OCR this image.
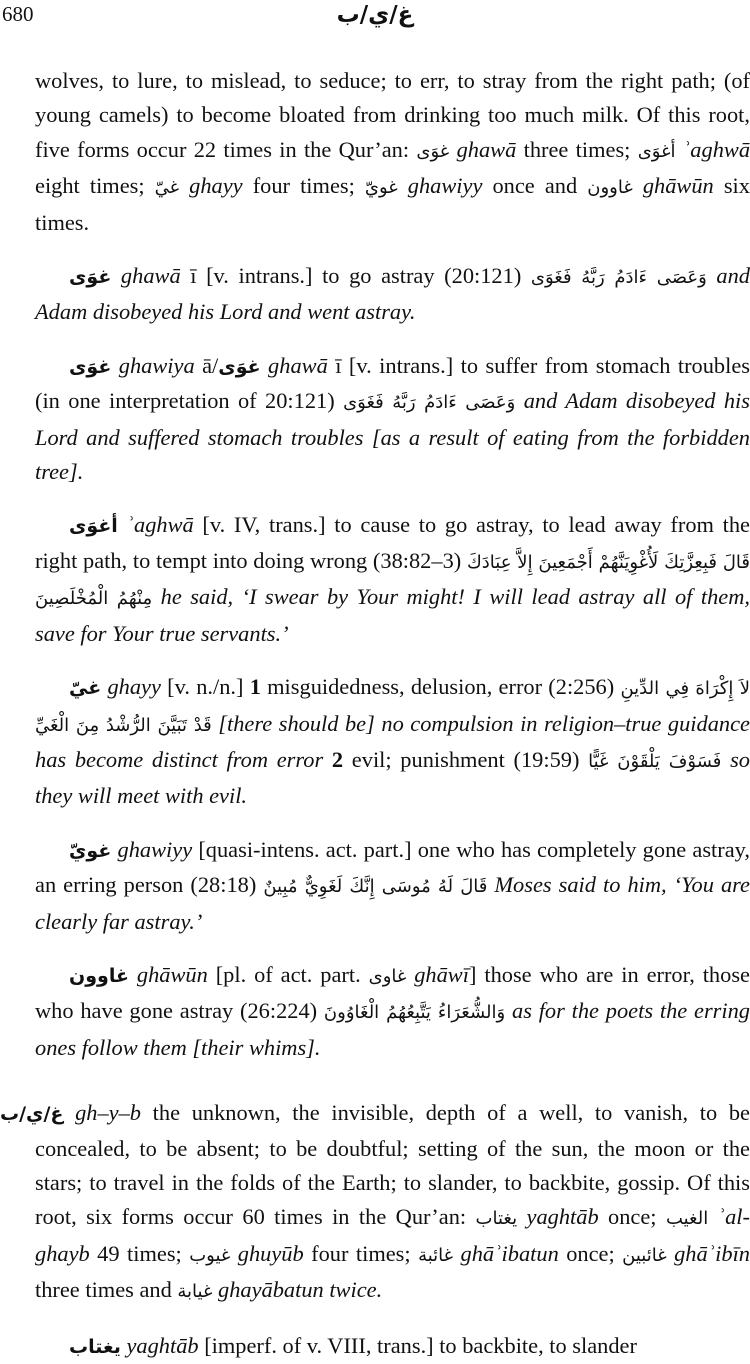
680	غ/ي/ب

wolves, to lure, to mislead, to seduce; to err, to stray from the right path; (of young camels) to become bloated from drinking too much milk. Of this root, five forms occur 22 times in the Qur’an: غوَى ghawā three times; أغوَى ʾaghwā eight times; غيّ ghayy four times; غويّ ghawiyy once and غاوون ghāwūn six times.

غوَى ghawā ī [v. intrans.] to go astray (20:121) وَعَصَى ءَادَمُ رَبَّهُ فَغَوَى and Adam disobeyed his Lord and went astray.

غوَى ghawiya ā/غوَى ghawā ī [v. intrans.] to suffer from stomach troubles (in one interpretation of 20:121) وَعَصَى ءَادَمُ رَبَّهُ فَغَوَى and Adam disobeyed his Lord and suffered stomach troubles [as a result of eating from the forbidden tree].

أغوَى ʾaghwā [v. IV, trans.] to cause to go astray, to lead away from the right path, to tempt into doing wrong (38:82–3) قَالَ فَبِعِزَّتِكَ لَأُغْوِيَنَّهُمْ أَجْمَعِينَ إِلاَّ عِبَادَكَ مِنْهُمُ الْمُخْلَصِينَ he said, ‘I swear by Your might! I will lead astray all of them, save for Your true servants.’

غيّ ghayy [v. n./n.] 1 misguidedness, delusion, error (2:256) لاَ إِكْرَاهَ فِي الدِّينِ قَدْ تَبَيَّنَ الرُّشْدُ مِنَ الْغَيِّ [there should be] no compulsion in religion–true guidance has become distinct from error 2 evil; punishment (19:59) فَسَوْفَ يَلْقَوْنَ غَيًّا so they will meet with evil.

غويّ ghawiyy [quasi-intens. act. part.] one who has completely gone astray, an erring person (28:18) قَالَ لَهُ مُوسَى إِنَّكَ لَغَوِيٌّ مُبِينٌ Moses said to him, ‘You are clearly far astray.’

غاوون ghāwūn [pl. of act. part. غاوى ghāwī] those who are in error, those who have gone astray (26:224) وَالشُّعَرَاءُ يَتَّبِعُهُمُ الْغَاوُونَ as for the poets the erring ones follow them [their whims].

غ/ي/ب gh–y–b the unknown, the invisible, depth of a well, to vanish, to be concealed, to be absent; to be doubtful; setting of the sun, the moon or the stars; to travel in the folds of the Earth; to slander, to backbite, gossip. Of this root, six forms occur 60 times in the Qur’an: يغتاب yaghtāb once; الغيب ʾal-ghayb 49 times; غيوب ghuyūb four times; غائبة ghāʾibatun once; غائبين ghāʾibīn three times and غيابة ghayābatun twice.

يغتاب yaghtāb [imperf. of v. VIII, trans.] to backbite, to slander
